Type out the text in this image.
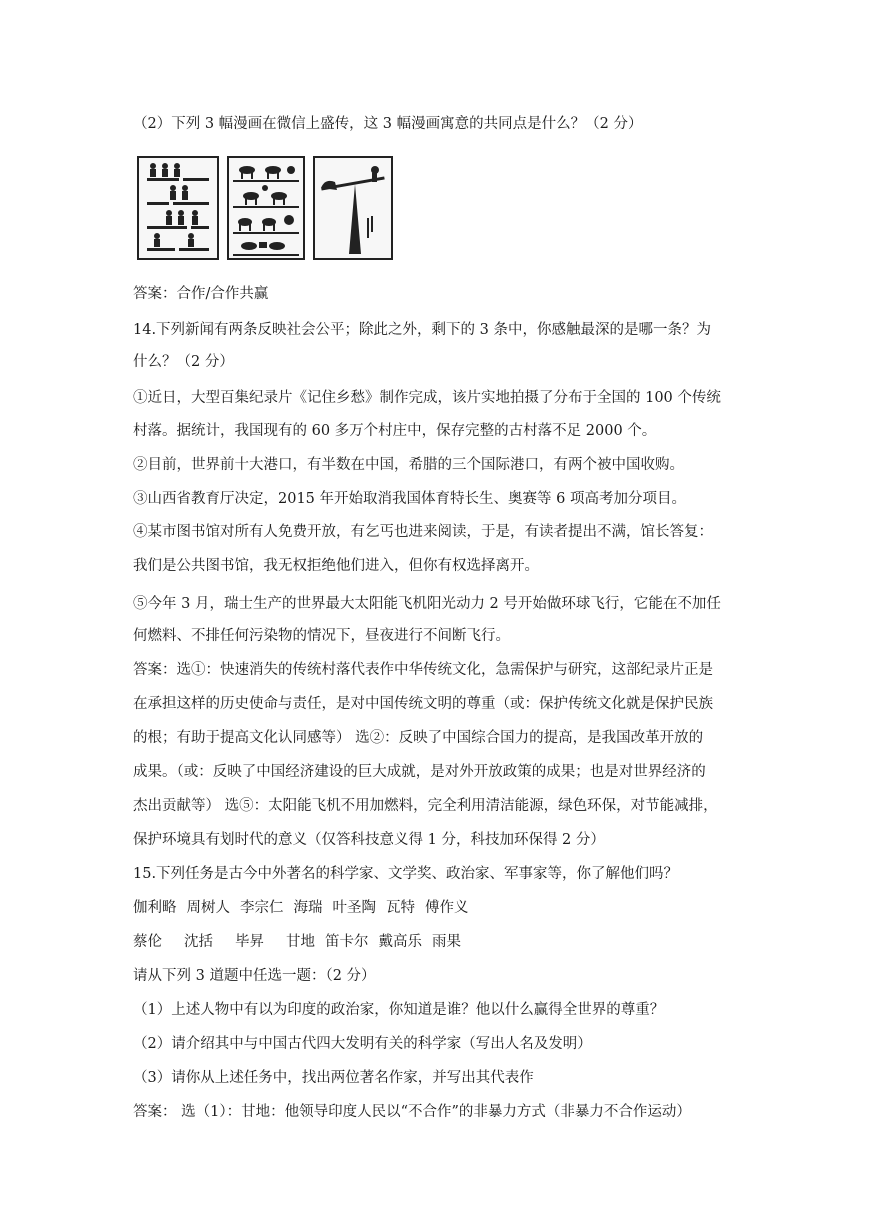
（2）下列 3 幅漫画在微信上盛传，这 3 幅漫画寓意的共同点是什么？（2 分）
答案：合作/合作共赢
14.下列新闻有两条反映社会公平；除此之外，剩下的 3 条中，你感触最深的是哪一条？为
什么？（2 分）
①近日，大型百集纪录片《记住乡愁》制作完成，该片实地拍摄了分布于全国的 100 个传统
村落。据统计，我国现有的 60 多万个村庄中，保存完整的古村落不足 2000 个。
②目前，世界前十大港口，有半数在中国，希腊的三个国际港口，有两个被中国收购。
③山西省教育厅决定，2015 年开始取消我国体育特长生、奥赛等 6 项高考加分项目。
④某市图书馆对所有人免费开放，有乞丐也进来阅读，于是，有读者提出不满，馆长答复：
我们是公共图书馆，我无权拒绝他们进入，但你有权选择离开。
⑤今年 3 月，瑞士生产的世界最大太阳能飞机阳光动力 2 号开始做环球飞行，它能在不加任
何燃料、不排任何污染物的情况下，昼夜进行不间断飞行。
答案：选①：快速消失的传统村落代表作中华传统文化，急需保护与研究，这部纪录片正是
在承担这样的历史使命与责任，是对中国传统文明的尊重（或：保护传统文化就是保护民族
的根；有助于提高文化认同感等） 选②：反映了中国综合国力的提高，是我国改革开放的
成果。（或：反映了中国经济建设的巨大成就，是对外开放政策的成果；也是对世界经济的
杰出贡献等） 选⑤：太阳能飞机不用加燃料，完全利用清洁能源，绿色环保，对节能减排，
保护环境具有划时代的意义（仅答科技意义得 1 分，科技加环保得 2 分）
15.下列任务是古今中外著名的科学家、文学奖、政治家、军事家等，你了解他们吗？
伽利略 周树人 李宗仁 海瑞 叶圣陶 瓦特 傅作义
蔡伦 沈括 毕昇 甘地 笛卡尔 戴高乐 雨果
请从下列 3 道题中任选一题：（2 分）
（1）上述人物中有以为印度的政治家，你知道是谁？他以什么赢得全世界的尊重？
（2）请介绍其中与中国古代四大发明有关的科学家（写出人名及发明）
（3）请你从上述任务中，找出两位著名作家，并写出其代表作
答案： 选（1）：甘地：他领导印度人民以“不合作”的非暴力方式（非暴力不合作运动）
